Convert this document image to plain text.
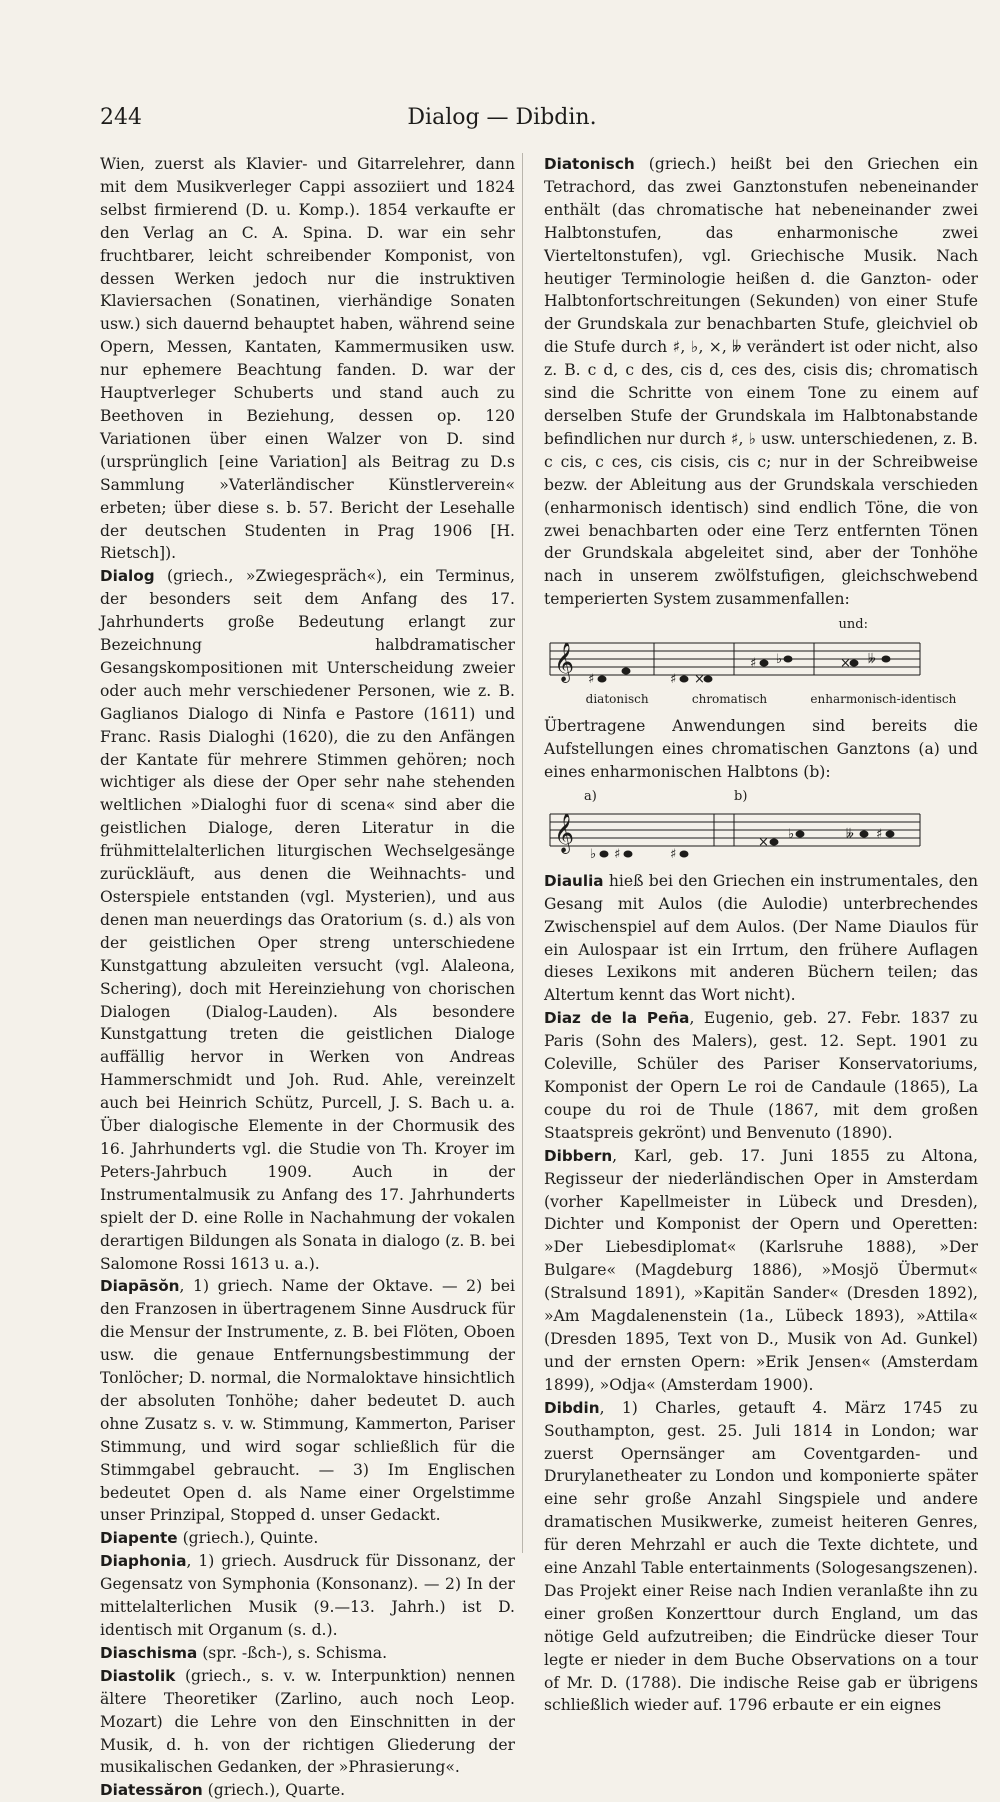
244	Dialog — Dibdin.

Wien, zuerst als Klavier- und Gitarrelehrer, dann mit dem Musikverleger Cappi assoziiert und 1824 selbst firmierend (D. u. Komp.). 1854 verkaufte er den Verlag an C. A. Spina. D. war ein sehr fruchtbarer, leicht schreibender Komponist, von dessen Werken jedoch nur die instruktiven Klaviersachen (Sonatinen, vierhändige Sonaten usw.) sich dauernd behauptet haben, während seine Opern, Messen, Kantaten, Kammermusiken usw. nur ephemere Beachtung fanden. D. war der Hauptverleger Schuberts und stand auch zu Beethoven in Beziehung, dessen op. 120 Variationen über einen Walzer von D. sind (ursprünglich [eine Variation] als Beitrag zu D.s Sammlung »Vaterländischer Künstlerverein« erbeten; über diese s. b. 57. Bericht der Lesehalle der deutschen Studenten in Prag 1906 [H. Rietsch]).

Dialog (griech., »Zwiegespräch«), ein Terminus, der besonders seit dem Anfang des 17. Jahrhunderts große Bedeutung erlangt zur Bezeichnung halbdramatischer Gesangskompositionen mit Unterscheidung zweier oder auch mehr verschiedener Personen, wie z. B. Gaglianos Dialogo di Ninfa e Pastore (1611) und Franc. Rasis Dialoghi (1620), die zu den Anfängen der Kantate für mehrere Stimmen gehören; noch wichtiger als diese der Oper sehr nahe stehenden weltlichen »Dialoghi fuor di scena« sind aber die geistlichen Dialoge, deren Literatur in die frühmittelalterlichen liturgischen Wechselgesänge zurückläuft, aus denen die Weihnachts- und Osterspiele entstanden (vgl. Mysterien), und aus denen man neuerdings das Oratorium (s. d.) als von der geistlichen Oper streng unterschiedene Kunstgattung abzuleiten versucht (vgl. Alaleona, Schering), doch mit Hereinziehung von chorischen Dialogen (Dialog-Lauden). Als besondere Kunstgattung treten die geistlichen Dialoge auffällig hervor in Werken von Andreas Hammerschmidt und Joh. Rud. Ahle, vereinzelt auch bei Heinrich Schütz, Purcell, J. S. Bach u. a. Über dialogische Elemente in der Chormusik des 16. Jahrhunderts vgl. die Studie von Th. Kroyer im Peters-Jahrbuch 1909. Auch in der Instrumentalmusik zu Anfang des 17. Jahrhunderts spielt der D. eine Rolle in Nachahmung der vokalen derartigen Bildungen als Sonata in dialogo (z. B. bei Salomone Rossi 1613 u. a.).

Diapāsŏn, 1) griech. Name der Oktave. — 2) bei den Franzosen in übertragenem Sinne Ausdruck für die Mensur der Instrumente, z. B. bei Flöten, Oboen usw. die genaue Entfernungsbestimmung der Tonlöcher; D. normal, die Normaloktave hinsichtlich der absoluten Tonhöhe; daher bedeutet D. auch ohne Zusatz s. v. w. Stimmung, Kammerton, Pariser Stimmung, und wird sogar schließlich für die Stimmgabel gebraucht. — 3) Im Englischen bedeutet Open d. als Name einer Orgelstimme unser Prinzipal, Stopped d. unser Gedackt.

Diapente (griech.), Quinte.

Diaphonia, 1) griech. Ausdruck für Dissonanz, der Gegensatz von Symphonia (Konsonanz). — 2) In der mittelalterlichen Musik (9.—13. Jahrh.) ist D. identisch mit Organum (s. d.).

Diaschisma (spr. -ßch-), s. Schisma.

Diastolik (griech., s. v. w. Interpunktion) nennen ältere Theoretiker (Zarlino, auch noch Leop. Mozart) die Lehre von den Einschnitten in der Musik, d. h. von der richtigen Gliederung der musikalischen Gedanken, der »Phrasierung«.

Diatessăron (griech.), Quarte.

Diatonisch (griech.) heißt bei den Griechen ein Tetrachord, das zwei Ganztonstufen nebeneinander enthält (das chromatische hat nebeneinander zwei Halbtonstufen, das enharmonische zwei Vierteltonstufen), vgl. Griechische Musik. Nach heutiger Terminologie heißen d. die Ganzton- oder Halbtonfortschreitungen (Sekunden) von einer Stufe der Grundskala zur benachbarten Stufe, gleichviel ob die Stufe durch ♯, ♭, ×, 𝄫 verändert ist oder nicht, also z. B. c d, c des, cis d, ces des, cisis dis; chromatisch sind die Schritte von einem Tone zu einem auf derselben Stufe der Grundskala im Halbtonabstande befindlichen nur durch ♯, ♭ usw. unterschiedenen, z. B. c cis, c ces, cis cisis, cis c; nur in der Schreibweise bezw. der Ableitung aus der Grundskala verschieden (enharmonisch identisch) sind endlich Töne, die von zwei benachbarten oder eine Terz entfernten Tönen der Grundskala abgeleitet sind, aber der Tonhöhe nach in unserem zwölfstufigen, gleichschwebend temperierten System zusammenfallen:

und:
𝄞 ♯	♯ ×
♯ ♭	× 𝄫
diatonisch	chromatisch	enharmonisch-identisch

Übertragene Anwendungen sind bereits die Aufstellungen eines chromatischen Ganztons (a) und eines enharmonischen Halbtons (b):

a)	b)
𝄞
♭ ♯	♯
×
♭	𝄫 ♯

Diaulia hieß bei den Griechen ein instrumentales, den Gesang mit Aulos (die Aulodie) unterbrechendes Zwischenspiel auf dem Aulos. (Der Name Diaulos für ein Aulospaar ist ein Irrtum, den frühere Auflagen dieses Lexikons mit anderen Büchern teilen; das Altertum kennt das Wort nicht).

Diaz de la Peña, Eugenio, geb. 27. Febr. 1837 zu Paris (Sohn des Malers), gest. 12. Sept. 1901 zu Coleville, Schüler des Pariser Konservatoriums, Komponist der Opern Le roi de Candaule (1865), La coupe du roi de Thule (1867, mit dem großen Staatspreis gekrönt) und Benvenuto (1890).

Dibbern, Karl, geb. 17. Juni 1855 zu Altona, Regisseur der niederländischen Oper in Amsterdam (vorher Kapellmeister in Lübeck und Dresden), Dichter und Komponist der Opern und Operetten: »Der Liebesdiplomat« (Karlsruhe 1888), »Der Bulgare« (Magdeburg 1886), »Mosjö Übermut« (Stralsund 1891), »Kapitän Sander« (Dresden 1892), »Am Magdalenenstein (1a., Lübeck 1893), »Attila« (Dresden 1895, Text von D., Musik von Ad. Gunkel) und der ernsten Opern: »Erik Jensen« (Amsterdam 1899), »Odja« (Amsterdam 1900).

Dibdin, 1) Charles, getauft 4. März 1745 zu Southampton, gest. 25. Juli 1814 in London; war zuerst Opernsänger am Coventgarden- und Drurylanetheater zu London und komponierte später eine sehr große Anzahl Singspiele und andere dramatischen Musikwerke, zumeist heiteren Genres, für deren Mehrzahl er auch die Texte dichtete, und eine Anzahl Table entertainments (Sologesangszenen). Das Projekt einer Reise nach Indien veranlaßte ihn zu einer großen Konzerttour durch England, um das nötige Geld aufzutreiben; die Eindrücke dieser Tour legte er nieder in dem Buche Observations on a tour of Mr. D. (1788). Die indische Reise gab er übrigens schließlich wieder auf. 1796 erbaute er ein eignes
